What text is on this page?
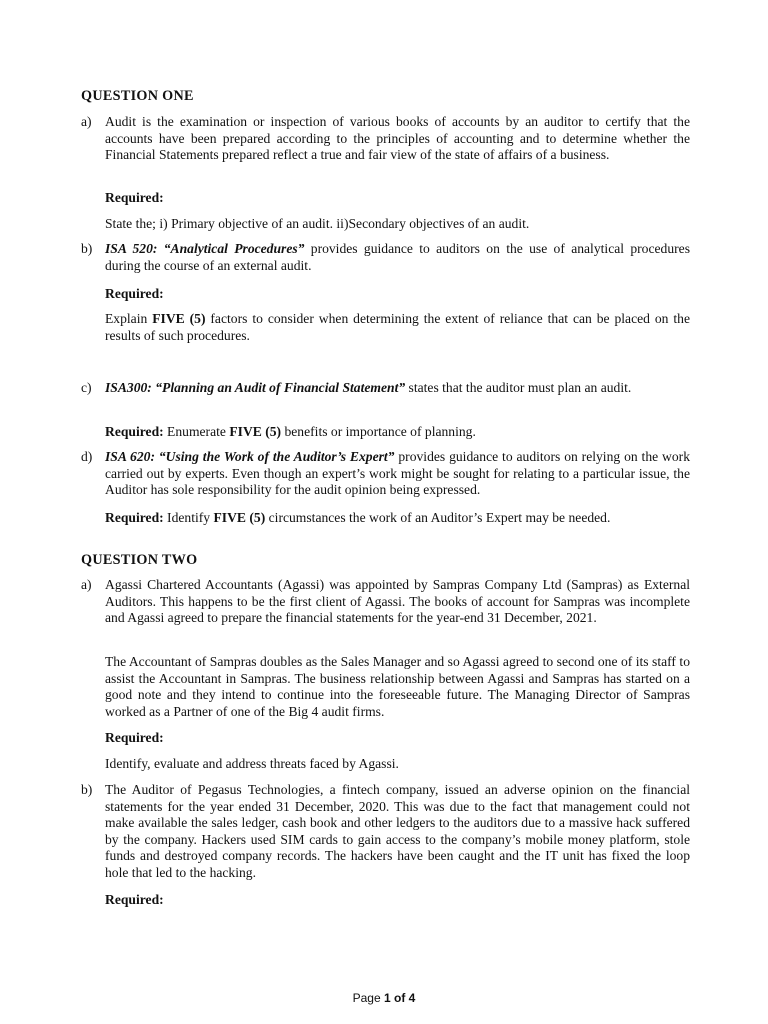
QUESTION ONE
a) Audit is the examination or inspection of various books of accounts by an auditor to certify that the accounts have been prepared according to the principles of accounting and to determine whether the Financial Statements prepared reflect a true and fair view of the state of affairs of a business.
Required:
State the; i) Primary objective of an audit. ii)Secondary objectives of an audit.
b) ISA 520: “Analytical Procedures” provides guidance to auditors on the use of analytical procedures during the course of an external audit.
Required:
Explain FIVE (5) factors to consider when determining the extent of reliance that can be placed on the results of such procedures.
c) ISA300: “Planning an Audit of Financial Statement” states that the auditor must plan an audit.
Required: Enumerate FIVE (5) benefits or importance of planning.
d) ISA 620: “Using the Work of the Auditor’s Expert” provides guidance to auditors on relying on the work carried out by experts. Even though an expert’s work might be sought for relating to a particular issue, the Auditor has sole responsibility for the audit opinion being expressed.
Required: Identify FIVE (5) circumstances the work of an Auditor’s Expert may be needed.
QUESTION TWO
a) Agassi Chartered Accountants (Agassi) was appointed by Sampras Company Ltd (Sampras) as External Auditors. This happens to be the first client of Agassi. The books of account for Sampras was incomplete and Agassi agreed to prepare the financial statements for the year-end 31 December, 2021.
The Accountant of Sampras doubles as the Sales Manager and so Agassi agreed to second one of its staff to assist the Accountant in Sampras. The business relationship between Agassi and Sampras has started on a good note and they intend to continue into the foreseeable future. The Managing Director of Sampras worked as a Partner of one of the Big 4 audit firms.
Required:
Identify, evaluate and address threats faced by Agassi.
b) The Auditor of Pegasus Technologies, a fintech company, issued an adverse opinion on the financial statements for the year ended 31 December, 2020. This was due to the fact that management could not make available the sales ledger, cash book and other ledgers to the auditors due to a massive hack suffered by the company. Hackers used SIM cards to gain access to the company’s mobile money platform, stole funds and destroyed company records. The hackers have been caught and the IT unit has fixed the loop hole that led to the hacking.
Required:
Page 1 of 4
